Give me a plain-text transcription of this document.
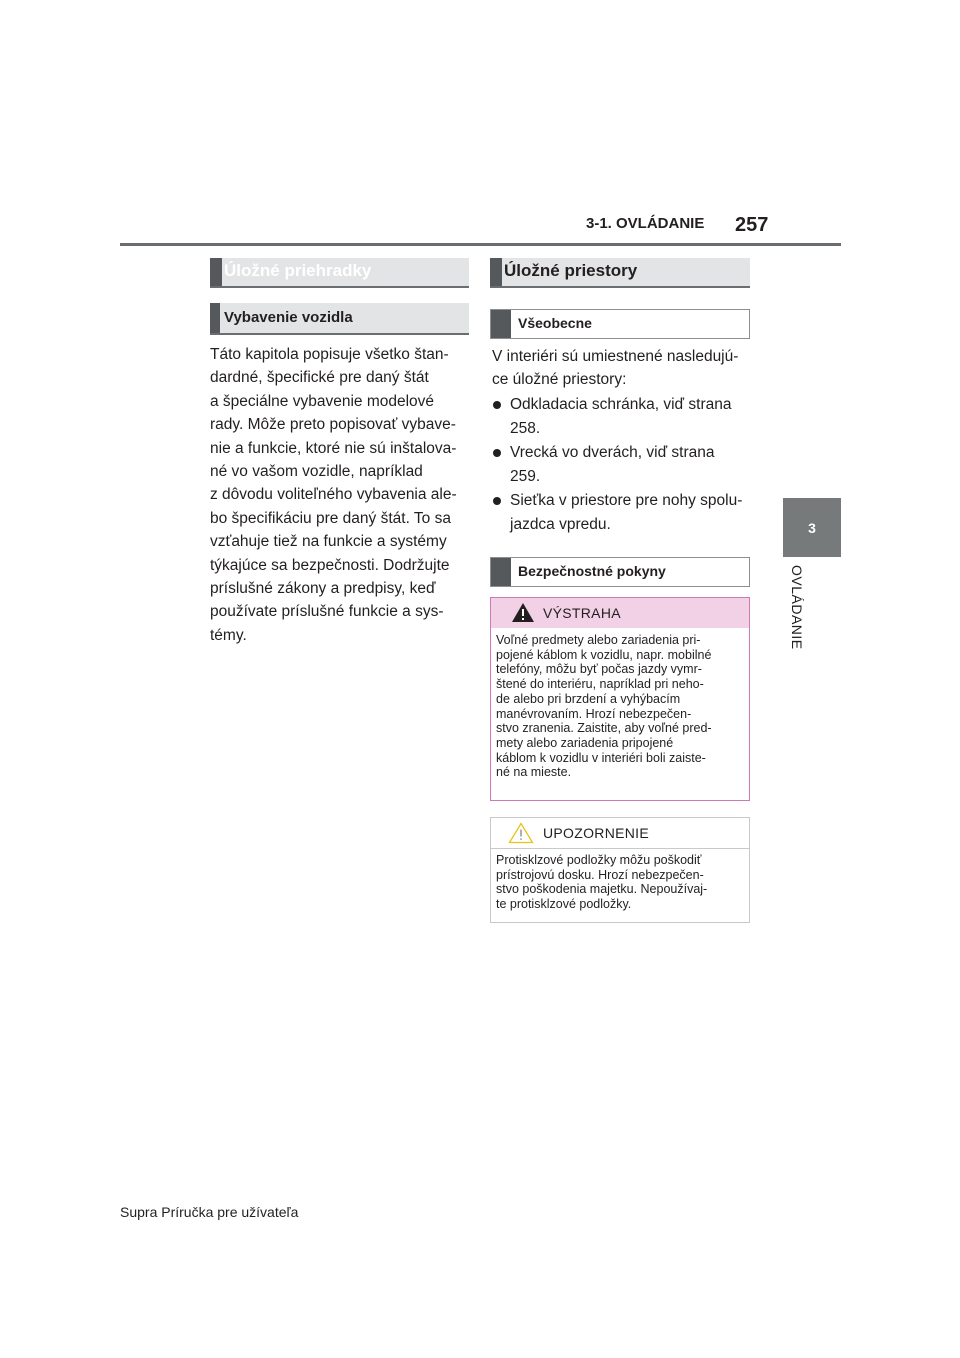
3-1. OVLÁDANIE 257
3
OVLÁDANIE
Úložné priehradky
Vybavenie vozidla
Táto kapitola popisuje všetko štan-
dardné, špecifické pre daný štát
a špeciálne vybavenie modelové
rady. Môže preto popisovať vybave-
nie a funkcie, ktoré nie sú inštalova-
né vo vašom vozidle, napríklad
z dôvodu voliteľného vybavenia ale-
bo špecifikáciu pre daný štát. To sa
vzťahuje tiež na funkcie a systémy
týkajúce sa bezpečnosti. Dodržujte
príslušné zákony a predpisy, keď
používate príslušné funkcie a sys-
témy.
Úložné priestory
Všeobecne
V interiéri sú umiestnené nasledujú-
ce úložné priestory:
Odkladacia schránka, viď strana
258.
Vrecká vo dverách, viď strana
259.
Sieťka v priestore pre nohy spolu-
jazdca vpredu.
Bezpečnostné pokyny
VÝSTRAHA
Voľné predmety alebo zariadenia pri-
pojené káblom k vozidlu, napr. mobilné
telefóny, môžu byť počas jazdy vymr-
štené do interiéru, napríklad pri neho-
de alebo pri brzdení a vyhýbacím
manévrovaním. Hrozí nebezpečen-
stvo zranenia. Zaistite, aby voľné pred-
mety alebo zariadenia pripojené
káblom k vozidlu v interiéri boli zaiste-
né na mieste.
UPOZORNENIE
Protisklzové podložky môžu poškodiť
prístrojovú dosku. Hrozí nebezpečen-
stvo poškodenia majetku. Nepoužívaj-
te protisklzové podložky.
Supra Príručka pre užívateľa
